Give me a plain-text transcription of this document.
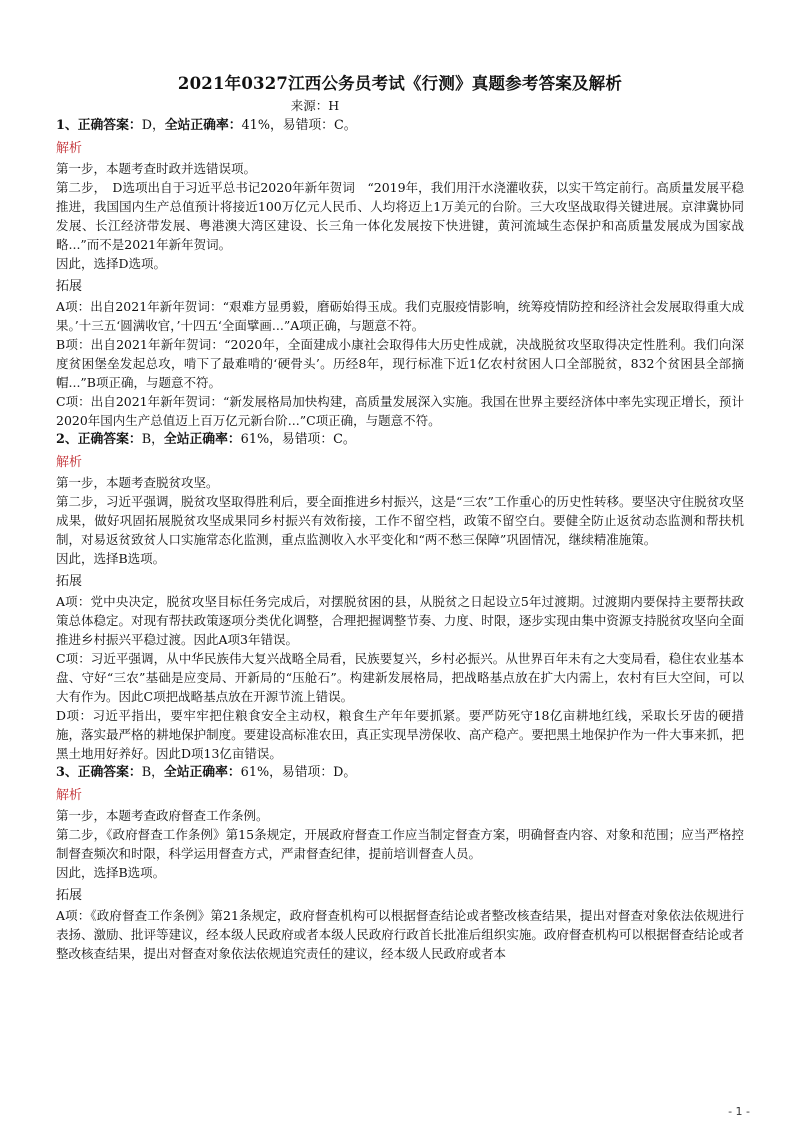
2021年0327江西公务员考试《行测》真题参考答案及解析
来源：H
1、正确答案：D，全站正确率：41%，易错项：C。
解析

第一步，本题考查时政并选错误项。

第二步，　D选项出自于习近平总书记2020年新年贺词　“2019年，我们用汗水浇灌收获，以实干笃定前行。高质量发展平稳推进，我国国内生产总值预计将接近100万亿元人民币、人均将迈上1万美元的台阶。三大攻坚战取得关键进展。京津冀协同发展、长江经济带发展、粤港澳大湾区建设、长三角一体化发展按下快进键，黄河流域生态保护和高质量发展成为国家战略...”而不是2021年新年贺词。

因此，选择D选项。

拓展

A项：出自2021年新年贺词：“艰难方显勇毅，磨砺始得玉成。我们克服疫情影响，统筹疫情防控和经济社会发展取得重大成果。’十三五‘圆满收官，’十四五‘全面擘画...”A项正确，与题意不符。

B项：出自2021年新年贺词：“2020年，全面建成小康社会取得伟大历史性成就，决战脱贫攻坚取得决定性胜利。我们向深度贫困堡垒发起总攻，啃下了最难啃的‘硬骨头’。历经8年，现行标准下近1亿农村贫困人口全部脱贫，832个贫困县全部摘帽...”B项正确，与题意不符。

C项：出自2021年新年贺词：“新发展格局加快构建，高质量发展深入实施。我国在世界主要经济体中率先实现正增长，预计2020年国内生产总值迈上百万亿元新台阶...”C项正确，与题意不符。

2、正确答案：B，全站正确率：61%，易错项：C。
解析

第一步，本题考查脱贫攻坚。

第二步，习近平强调，脱贫攻坚取得胜利后，要全面推进乡村振兴，这是“三农”工作重心的历史性转移。要坚决守住脱贫攻坚成果，做好巩固拓展脱贫攻坚成果同乡村振兴有效衔接，工作不留空档，政策不留空白。要健全防止返贫动态监测和帮扶机制，对易返贫致贫人口实施常态化监测，重点监测收入水平变化和“两不愁三保障”巩固情况，继续精准施策。

因此，选择B选项。

拓展

A项：党中央决定，脱贫攻坚目标任务完成后，对摆脱贫困的县，从脱贫之日起设立5年过渡期。过渡期内要保持主要帮扶政策总体稳定。对现有帮扶政策逐项分类优化调整，合理把握调整节奏、力度、时限，逐步实现由集中资源支持脱贫攻坚向全面推进乡村振兴平稳过渡。因此A项3年错误。

C项：习近平强调，从中华民族伟大复兴战略全局看，民族要复兴，乡村必振兴。从世界百年未有之大变局看，稳住农业基本盘、守好“三农”基础是应变局、开新局的“压舱石”。构建新发展格局，把战略基点放在扩大内需上，农村有巨大空间，可以大有作为。因此C项把战略基点放在开源节流上错误。

D项：习近平指出，要牢牢把住粮食安全主动权，粮食生产年年要抓紧。要严防死守18亿亩耕地红线，采取长牙齿的硬措施，落实最严格的耕地保护制度。要建设高标准农田，真正实现旱涝保收、高产稳产。要把黑土地保护作为一件大事来抓，把黑土地用好养好。因此D项13亿亩错误。

3、正确答案：B，全站正确率：61%，易错项：D。
解析

第一步，本题考查政府督查工作条例。

第二步，《政府督查工作条例》第15条规定，开展政府督查工作应当制定督查方案，明确督查内容、对象和范围；应当严格控制督查频次和时限，科学运用督查方式，严肃督查纪律，提前培训督查人员。

因此，选择B选项。

拓展

A项：《政府督查工作条例》第21条规定，政府督查机构可以根据督查结论或者整改核查结果，提出对督查对象依法依规进行表扬、激励、批评等建议，经本级人民政府或者本级人民政府行政首长批准后组织实施。政府督查机构可以根据督查结论或者整改核查结果，提出对督查对象依法依规追究责任的建议，经本级人民政府或者本

- 1 -
